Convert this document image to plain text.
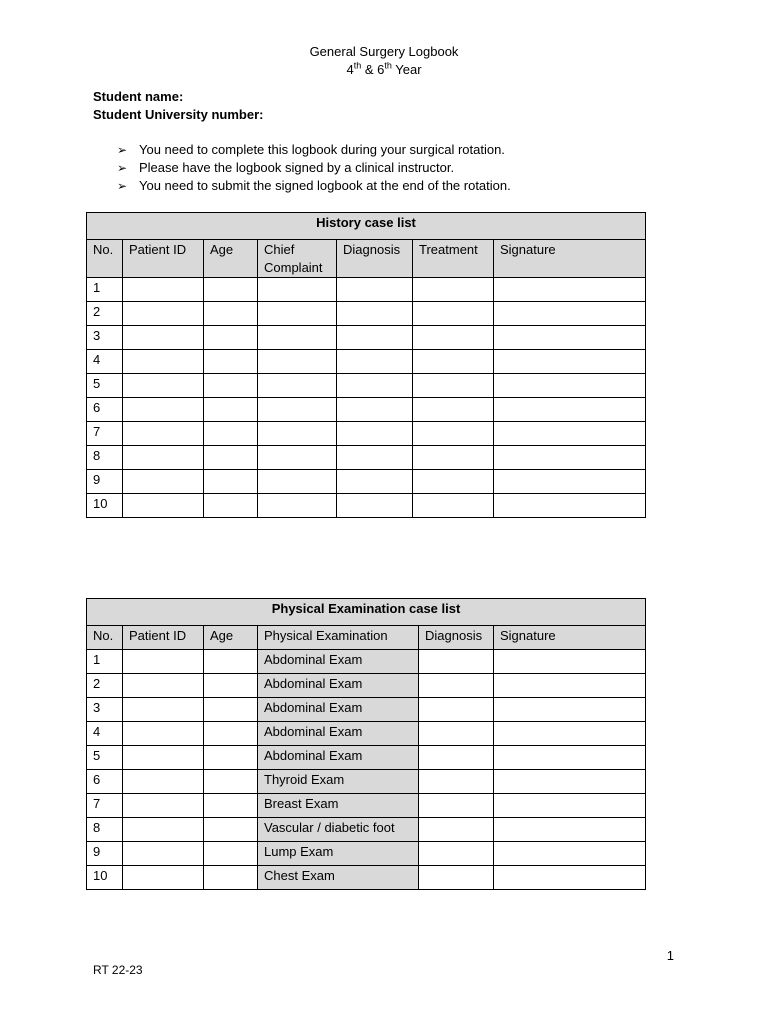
General Surgery Logbook
4th & 6th Year
Student name:
Student University number:
➢ You need to complete this logbook during your surgical rotation.
➢ Please have the logbook signed by a clinical instructor.
➢ You need to submit the signed logbook at the end of the rotation.
History case list						
No.	Patient ID	Age	Chief Complaint	Diagnosis	Treatment	Signature
1						
2						
3						
4						
5						
6						
7						
8						
9						
10						
Physical Examination case list					
No.	Patient ID	Age	Physical Examination	Diagnosis	Signature
1			Abdominal Exam		
2			Abdominal Exam		
3			Abdominal Exam		
4			Abdominal Exam		
5			Abdominal Exam		
6			Thyroid Exam		
7			Breast Exam		
8			Vascular / diabetic foot		
9			Lump Exam		
10			Chest Exam		
1
RT 22-23
